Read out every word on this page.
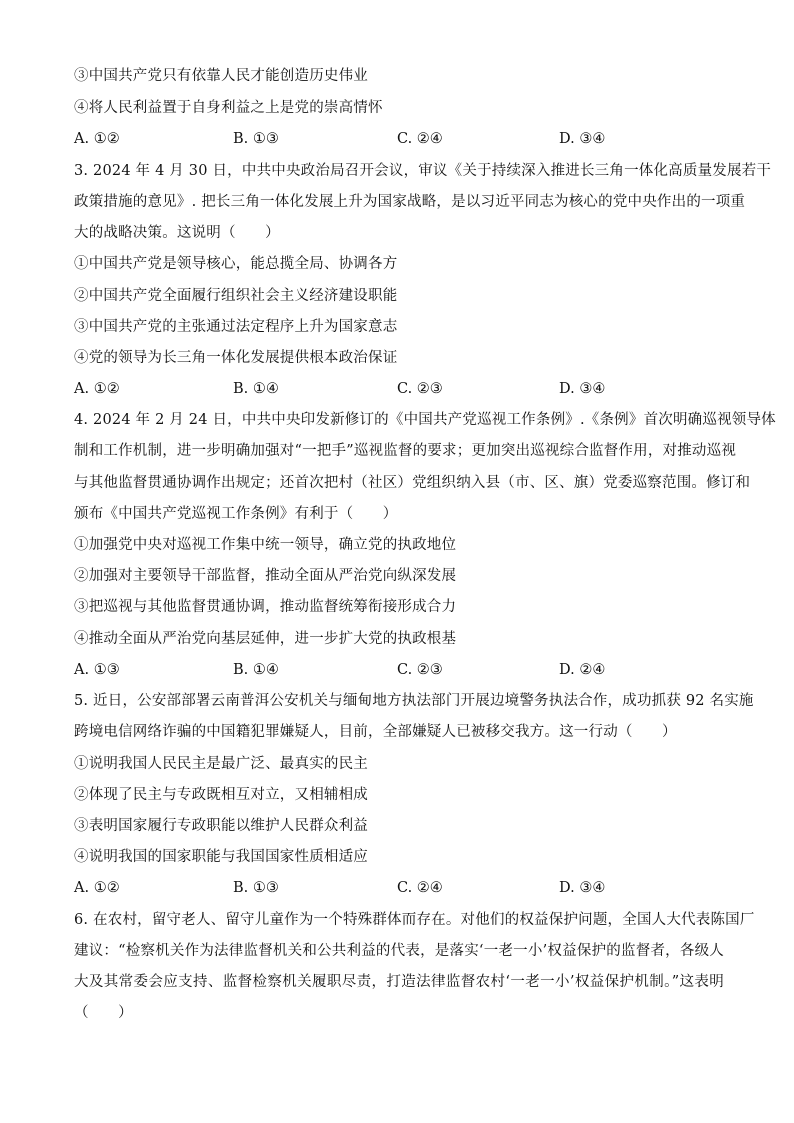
③中国共产党只有依靠人民才能创造历史伟业
④将人民利益置于自身利益之上是党的崇高情怀
A. ①②	B. ①③	C. ②④	D. ③④
3. 2024 年 4 月 30 日，中共中央政治局召开会议，审议《关于持续深入推进长三角一体化高质量发展若干
政策措施的意见》. 把长三角一体化发展上升为国家战略，是以习近平同志为核心的党中央作出的一项重
大的战略决策。这说明（　　）
①中国共产党是领导核心，能总揽全局、协调各方
②中国共产党全面履行组织社会主义经济建设职能
③中国共产党的主张通过法定程序上升为国家意志
④党的领导为长三角一体化发展提供根本政治保证
A. ①②	B. ①④	C. ②③	D. ③④
4. 2024 年 2 月 24 日，中共中央印发新修订的《中国共产党巡视工作条例》.《条例》首次明确巡视领导体
制和工作机制，进一步明确加强对“一把手”巡视监督的要求；更加突出巡视综合监督作用，对推动巡视
与其他监督贯通协调作出规定；还首次把村（社区）党组织纳入县（市、区、旗）党委巡察范围。修订和
颁布《中国共产党巡视工作条例》有利于（　　）
①加强党中央对巡视工作集中统一领导，确立党的执政地位
②加强对主要领导干部监督，推动全面从严治党向纵深发展
③把巡视与其他监督贯通协调，推动监督统筹衔接形成合力
④推动全面从严治党向基层延伸，进一步扩大党的执政根基
A. ①③	B. ①④	C. ②③	D. ②④
5. 近日，公安部部署云南普洱公安机关与缅甸地方执法部门开展边境警务执法合作，成功抓获 92 名实施
跨境电信网络诈骗的中国籍犯罪嫌疑人，目前，全部嫌疑人已被移交我方。这一行动（　　）
①说明我国人民民主是最广泛、最真实的民主
②体现了民主与专政既相互对立，又相辅相成
③表明国家履行专政职能以维护人民群众利益
④说明我国的国家职能与我国国家性质相适应
A. ①②	B. ①③	C. ②④	D. ③④
6. 在农村，留守老人、留守儿童作为一个特殊群体而存在。对他们的权益保护问题，全国人大代表陈国厂
建议：“检察机关作为法律监督机关和公共利益的代表，是落实‘一老一小’权益保护的监督者，各级人
大及其常委会应支持、监督检察机关履职尽责，打造法律监督农村‘一老一小’权益保护机制。”这表明
（　　）
